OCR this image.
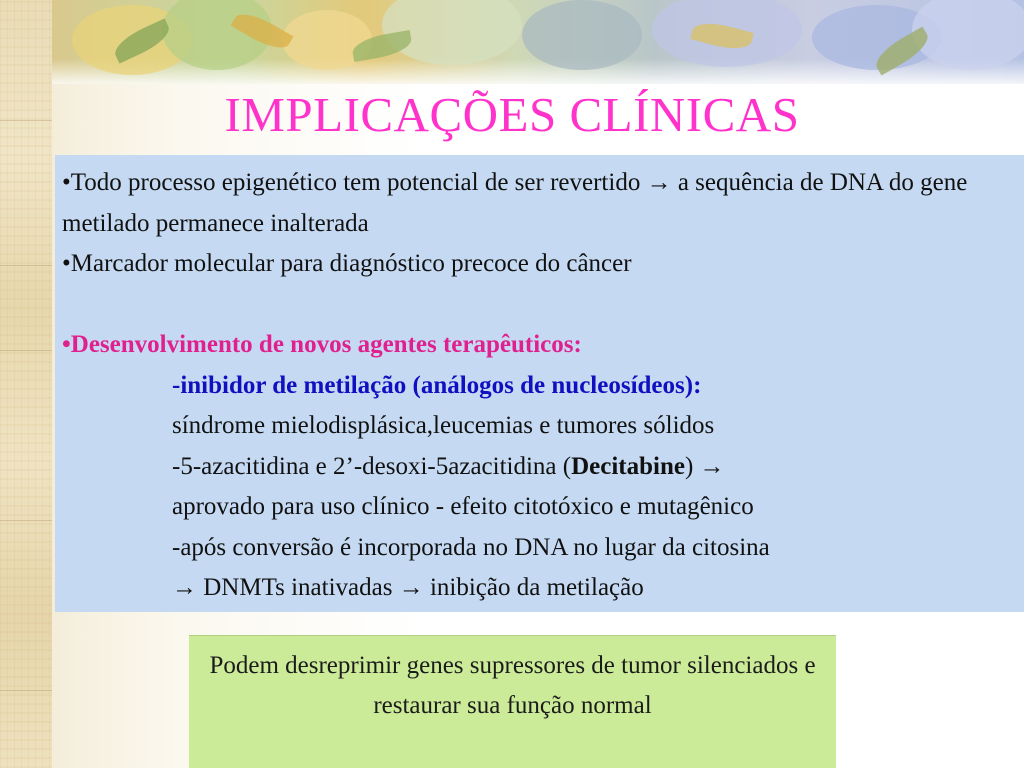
IMPLICAÇÕES CLÍNICAS

•Todo processo epigenético tem potencial de ser revertido → a sequência de DNA do gene metilado permanece inalterada

•Marcador molecular para diagnóstico precoce do câncer

•Desenvolvimento de novos agentes terapêuticos:

-inibidor de metilação (análogos de nucleosídeos):

síndrome mielodisplásica,leucemias e tumores sólidos

-5-azacitidina e 2’-desoxi-5azacitidina (Decitabine) →

aprovado para uso clínico - efeito citotóxico e mutagênico

-após conversão é incorporada no DNA no lugar da citosina

→ DNMTs inativadas → inibição da metilação

Podem desreprimir genes supressores de tumor silenciados e restaurar sua função normal
